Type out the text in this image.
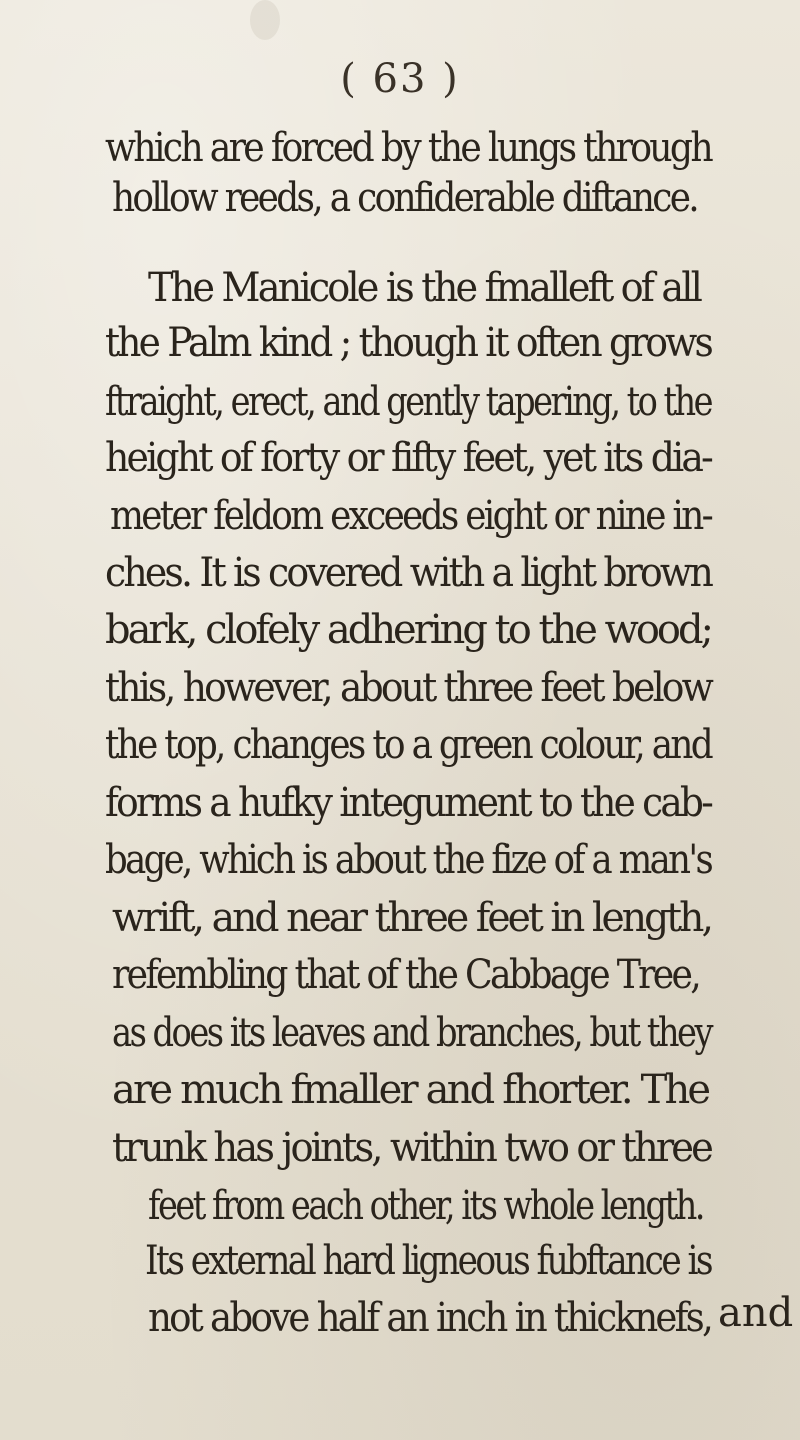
( 63 )
which are forced by the lungs through
hollow reeds, a confiderable diftance.
The Manicole is the fmalleft of all
the Palm kind ; though it often grows
ftraight, erect, and gently tapering, to the
height of forty or fifty feet, yet its dia-
meter feldom exceeds eight or nine in-
ches. It is covered with a light brown
bark, clofely adhering to the wood;
this, however, about three feet below
the top, changes to a green colour, and
forms a hufky integument to the cab-
bage, which is about the fize of a man's
wrift, and near three feet in length,
refembling that of the Cabbage Tree,
as does its leaves and branches, but they
are much fmaller and fhorter. The
trunk has joints, within two or three
feet from each other, its whole length.
Its external hard ligneous fubftance is
not above half an inch in thicknefs, and
